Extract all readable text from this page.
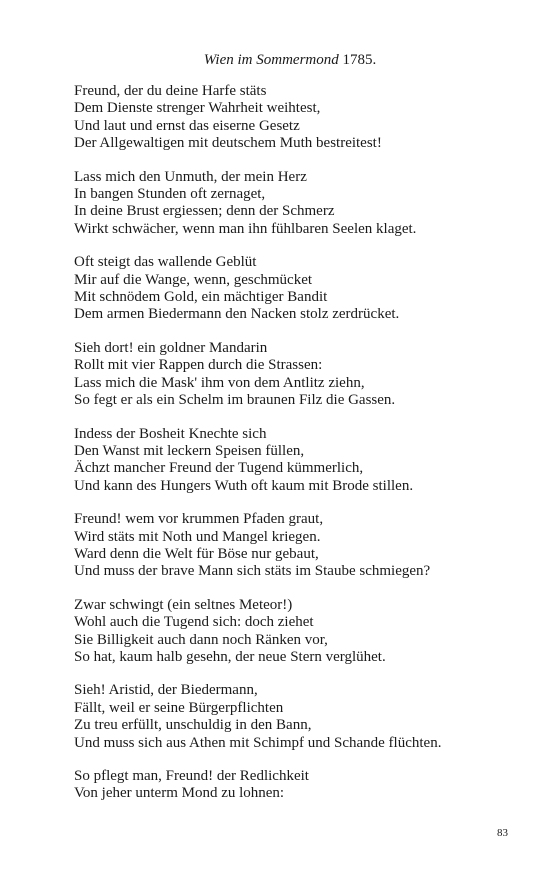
Wien im Sommermond 1785.
Freund, der du deine Harfe stäts
Dem Dienste strenger Wahrheit weihtest,
Und laut und ernst das eiserne Gesetz
Der Allgewaltigen mit deutschem Muth bestreitest!
Lass mich den Unmuth, der mein Herz
In bangen Stunden oft zernaget,
In deine Brust ergiessen; denn der Schmerz
Wirkt schwächer, wenn man ihn fühlbaren Seelen klaget.
Oft steigt das wallende Geblüt
Mir auf die Wange, wenn, geschmücket
Mit schnödem Gold, ein mächtiger Bandit
Dem armen Biedermann den Nacken stolz zerdrücket.
Sieh dort! ein goldner Mandarin
Rollt mit vier Rappen durch die Strassen:
Lass mich die Mask' ihm von dem Antlitz ziehn,
So fegt er als ein Schelm im braunen Filz die Gassen.
Indess der Bosheit Knechte sich
Den Wanst mit leckern Speisen füllen,
Ächzt mancher Freund der Tugend kümmerlich,
Und kann des Hungers Wuth oft kaum mit Brode stillen.
Freund! wem vor krummen Pfaden graut,
Wird stäts mit Noth und Mangel kriegen.
Ward denn die Welt für Böse nur gebaut,
Und muss der brave Mann sich stäts im Staube schmiegen?
Zwar schwingt (ein seltnes Meteor!)
Wohl auch die Tugend sich: doch ziehet
Sie Billigkeit auch dann noch Ränken vor,
So hat, kaum halb gesehn, der neue Stern verglühet.
Sieh! Aristid, der Biedermann,
Fällt, weil er seine Bürgerpflichten
Zu treu erfüllt, unschuldig in den Bann,
Und muss sich aus Athen mit Schimpf und Schande flüchten.
So pflegt man, Freund! der Redlichkeit
Von jeher unterm Mond zu lohnen:
83
